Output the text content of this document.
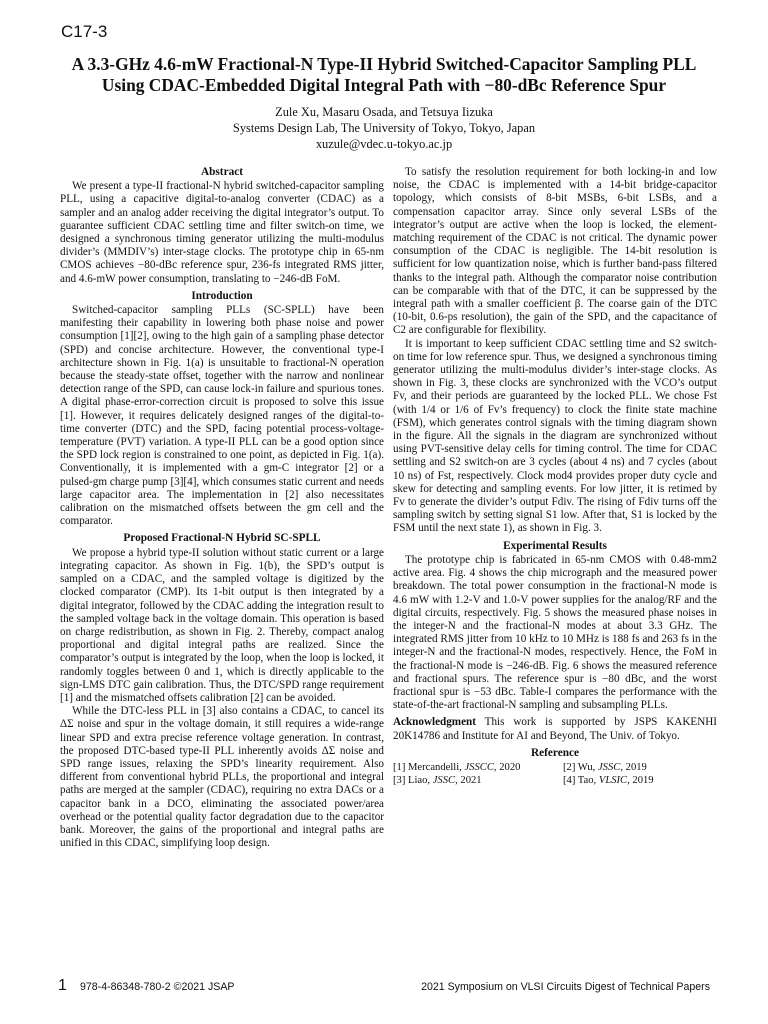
C17-3
A 3.3-GHz 4.6-mW Fractional-N Type-II Hybrid Switched-Capacitor Sampling PLL
Using CDAC-Embedded Digital Integral Path with −80-dBc Reference Spur
Zule Xu, Masaru Osada, and Tetsuya Iizuka
Systems Design Lab, The University of Tokyo, Tokyo, Japan
xuzule@vdec.u-tokyo.ac.jp
Abstract

We present a type-II fractional-N hybrid switched-capacitor sampling PLL, using a capacitive digital-to-analog converter (CDAC) as a sampler and an analog adder receiving the digital integrator’s output. To guarantee sufficient CDAC settling time and filter switch-on time, we designed a synchronous timing generator utilizing the multi-modulus divider’s (MMDIV’s) inter-stage clocks. The prototype chip in 65-nm CMOS achieves −80-dBc reference spur, 236-fs integrated RMS jitter, and 4.6-mW power consumption, translating to −246-dB FoM.

Introduction

Switched-capacitor sampling PLLs (SC-SPLL) have been manifesting their capability in lowering both phase noise and power consumption [1][2], owing to the high gain of a sampling phase detector (SPD) and concise architecture. However, the conventional type-I architecture shown in Fig. 1(a) is unsuitable to fractional-N operation because the steady-state offset, together with the narrow and nonlinear detection range of the SPD, can cause lock-in failure and spurious tones. A digital phase-error-correction circuit is proposed to solve this issue [1]. However, it requires delicately designed ranges of the digital-to-time converter (DTC) and the SPD, facing potential process-voltage-temperature (PVT) variation. A type-II PLL can be a good option since the SPD lock region is constrained to one point, as depicted in Fig. 1(a). Conventionally, it is implemented with a gm-C integrator [2] or a pulsed-gm charge pump [3][4], which consumes static current and needs large capacitor area. The implementation in [2] also necessitates calibration on the mismatched offsets between the gm cell and the comparator.

Proposed Fractional-N Hybrid SC-SPLL

We propose a hybrid type-II solution without static current or a large integrating capacitor. As shown in Fig. 1(b), the SPD’s output is sampled on a CDAC, and the sampled voltage is digitized by the clocked comparator (CMP). Its 1-bit output is then integrated by a digital integrator, followed by the CDAC adding the integration result to the sampled voltage back in the voltage domain. This operation is based on charge redistribution, as shown in Fig. 2. Thereby, compact analog proportional and digital integral paths are realized. Since the comparator’s output is integrated by the loop, when the loop is locked, it randomly toggles between 0 and 1, which is directly applicable to the sign-LMS DTC gain calibration. Thus, the DTC/SPD range requirement [1] and the mismatched offsets calibration [2] can be avoided.

While the DTC-less PLL in [3] also contains a CDAC, to cancel its ΔΣ noise and spur in the voltage domain, it still requires a wide-range linear SPD and extra precise reference voltage generation. In contrast, the proposed DTC-based type-II PLL inherently avoids ΔΣ noise and SPD range issues, relaxing the SPD’s linearity requirement. Also different from conventional hybrid PLLs, the proportional and integral paths are merged at the sampler (CDAC), requiring no extra DACs or a capacitor bank in a DCO, eliminating the associated power/area overhead or the potential quality factor degradation due to the capacitor bank. Moreover, the gains of the proportional and integral paths are unified in this CDAC, simplifying loop design.

To satisfy the resolution requirement for both locking-in and low noise, the CDAC is implemented with a 14-bit bridge-capacitor topology, which consists of 8-bit MSBs, 6-bit LSBs, and a compensation capacitor array. Since only several LSBs of the integrator’s output are active when the loop is locked, the element-matching requirement of the CDAC is not critical. The dynamic power consumption of the CDAC is negligible. The 14-bit resolution is sufficient for low quantization noise, which is further band-pass filtered thanks to the integral path. Although the comparator noise contribution can be comparable with that of the DTC, it can be suppressed by the integral path with a smaller coefficient β. The coarse gain of the DTC (10-bit, 0.6-ps resolution), the gain of the SPD, and the capacitance of C2 are configurable for flexibility.

It is important to keep sufficient CDAC settling time and S2 switch-on time for low reference spur. Thus, we designed a synchronous timing generator utilizing the multi-modulus divider’s inter-stage clocks. As shown in Fig. 3, these clocks are synchronized with the VCO’s output Fv, and their periods are guaranteed by the locked PLL. We chose Fst (with 1/4 or 1/6 of Fv’s frequency) to clock the finite state machine (FSM), which generates control signals with the timing diagram shown in the figure. All the signals in the diagram are synchronized without using PVT-sensitive delay cells for timing control. The time for CDAC settling and S2 switch-on are 3 cycles (about 4 ns) and 7 cycles (about 10 ns) of Fst, respectively. Clock mod4 provides proper duty cycle and skew for detecting and sampling events. For low jitter, it is retimed by Fv to generate the divider’s output Fdiv. The rising of Fdiv turns off the sampling switch by setting signal S1 low. After that, S1 is locked by the FSM until the next state 1), as shown in Fig. 3.

Experimental Results

The prototype chip is fabricated in 65-nm CMOS with 0.48-mm2 active area. Fig. 4 shows the chip micrograph and the measured power breakdown. The total power consumption in the fractional-N mode is 4.6 mW with 1.2-V and 1.0-V power supplies for the analog/RF and the digital circuits, respectively. Fig. 5 shows the measured phase noises in the integer-N and the fractional-N modes at about 3.3 GHz. The integrated RMS jitter from 10 kHz to 10 MHz is 188 fs and 263 fs in the integer-N and the fractional-N modes, respectively. Hence, the FoM in the fractional-N mode is −246-dB. Fig. 6 shows the measured reference and fractional spurs. The reference spur is −80 dBc, and the worst fractional spur is −53 dBc. Table-I compares the performance with the state-of-the-art fractional-N sampling and subsampling PLLs.

Acknowledgment This work is supported by JSPS KAKENHI 20K14786 and Institute for AI and Beyond, The Univ. of Tokyo.

Reference
[1] Mercandelli, JSSCC, 2020	[2] Wu, JSSC, 2019
[3] Liao, JSSC, 2021	[4] Tao, VLSIC, 2019
1 978-4-86348-780-2 ©2021 JSAP	2021 Symposium on VLSI Circuits Digest of Technical Papers
